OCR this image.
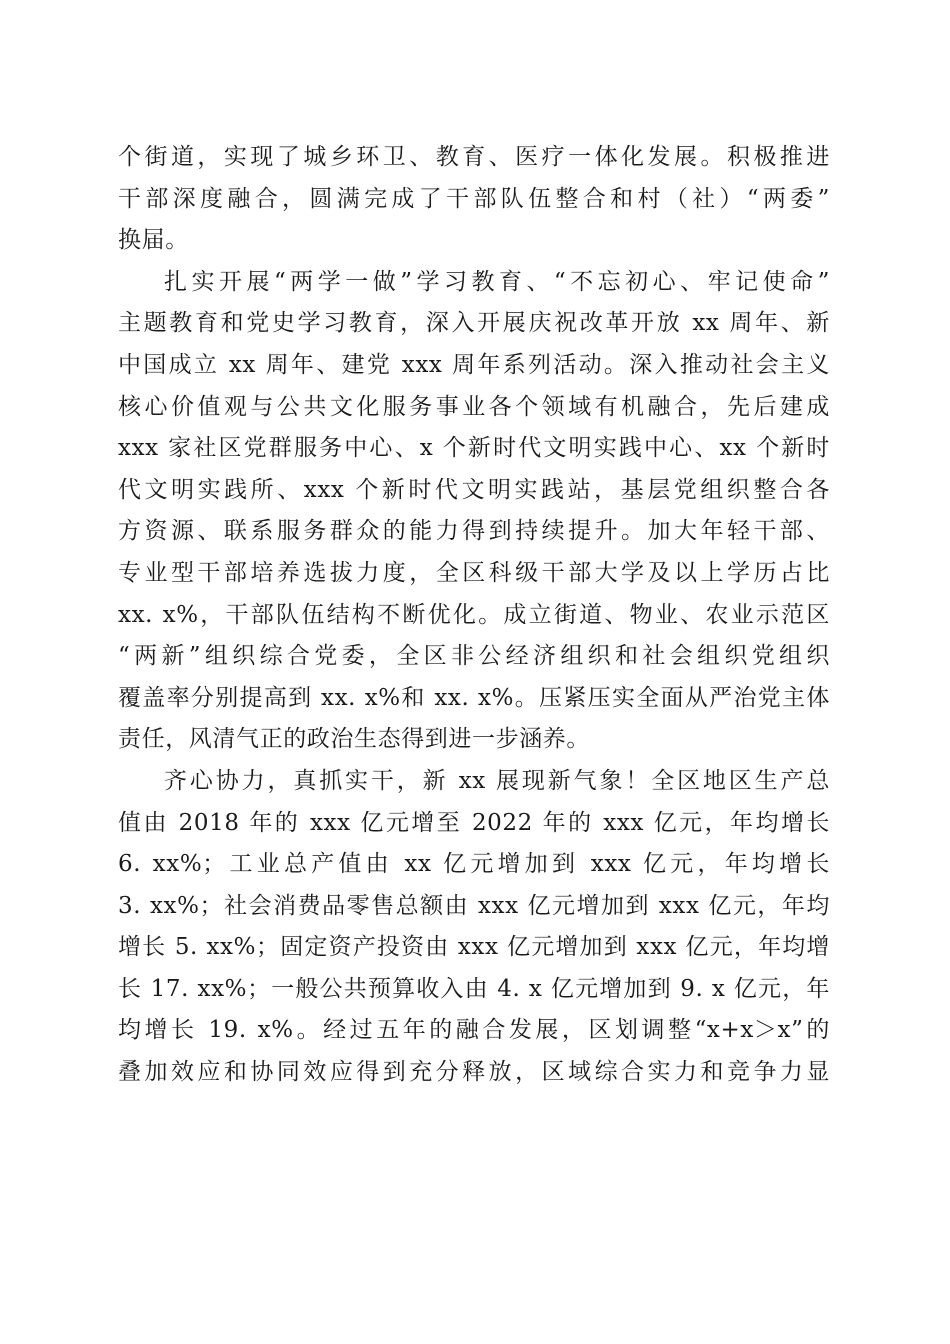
个街道，实现了城乡环卫、教育、医疗一体化发展。积极推进
干部深度融合，圆满完成了干部队伍整合和村（社）“两委”
换届。
扎实开展“两学一做”学习教育、“不忘初心、牢记使命”
主题教育和党史学习教育，深入开展庆祝改革开放 xx 周年、新
中国成立 xx 周年、建党 xxx 周年系列活动。深入推动社会主义
核心价值观与公共文化服务事业各个领域有机融合，先后建成
xxx 家社区党群服务中心、x 个新时代文明实践中心、xx 个新时
代文明实践所、xxx 个新时代文明实践站，基层党组织整合各
方资源、联系服务群众的能力得到持续提升。加大年轻干部、
专业型干部培养选拔力度，全区科级干部大学及以上学历占比
xx. x%，干部队伍结构不断优化。成立街道、物业、农业示范区
“两新”组织综合党委，全区非公经济组织和社会组织党组织
覆盖率分别提高到 xx. x%和 xx. x%。压紧压实全面从严治党主体
责任，风清气正的政治生态得到进一步涵养。
齐心协力，真抓实干，新 xx 展现新气象！全区地区生产总
值由 2018 年的 xxx 亿元增至 2022 年的 xxx 亿元，年均增长
6. xx%；工业总产值由 xx 亿元增加到 xxx 亿元，年均增长
3. xx%；社会消费品零售总额由 xxx 亿元增加到 xxx 亿元，年均
增长 5. xx%；固定资产投资由 xxx 亿元增加到 xxx 亿元，年均增
长 17. xx%；一般公共预算收入由 4. x 亿元增加到 9. x 亿元，年
均增长 19. x%。经过五年的融合发展，区划调整“x+x＞x”的
叠加效应和协同效应得到充分释放，区域综合实力和竞争力显
